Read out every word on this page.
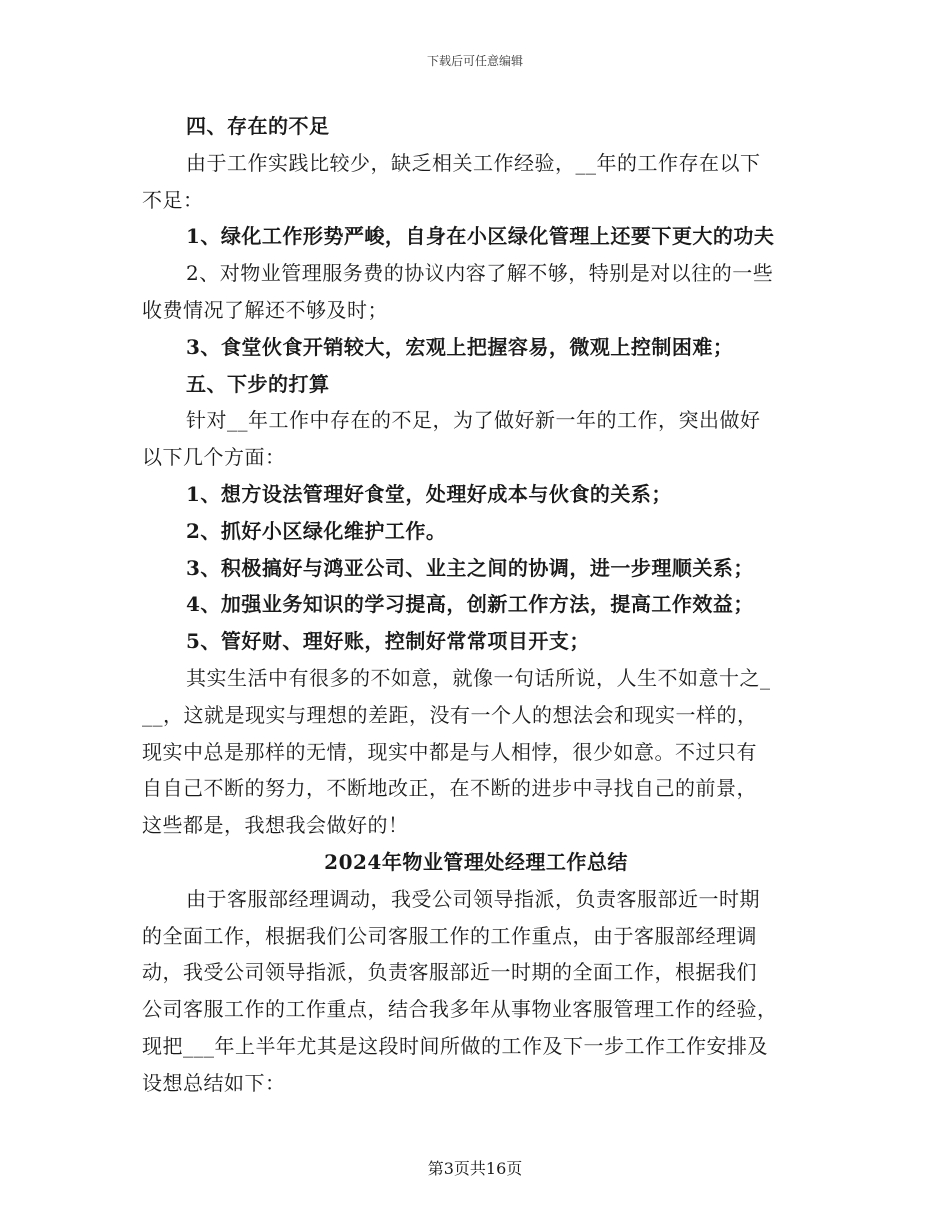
下载后可任意编辑
四、存在的不足
由于工作实践比较少，缺乏相关工作经验，__年的工作存在以下
不足：
1、绿化工作形势严峻，自身在小区绿化管理上还要下更大的功夫
2、对物业管理服务费的协议内容了解不够，特别是对以往的一些
收费情况了解还不够及时；
3、食堂伙食开销较大，宏观上把握容易，微观上控制困难；
五、下步的打算
针对__年工作中存在的不足，为了做好新一年的工作，突出做好
以下几个方面：
1、想方设法管理好食堂，处理好成本与伙食的关系；
2、抓好小区绿化维护工作。
3、积极搞好与鸿亚公司、业主之间的协调，进一步理顺关系；
4、加强业务知识的学习提高，创新工作方法，提高工作效益；
5、管好财、理好账，控制好常常项目开支；
其实生活中有很多的不如意，就像一句话所说，人生不如意十之_
__，这就是现实与理想的差距，没有一个人的想法会和现实一样的，
现实中总是那样的无情，现实中都是与人相悖，很少如意。不过只有
自自己不断的努力，不断地改正，在不断的进步中寻找自己的前景，
这些都是，我想我会做好的！
2024年物业管理处经理工作总结
由于客服部经理调动，我受公司领导指派，负责客服部近一时期
的全面工作，根据我们公司客服工作的工作重点，由于客服部经理调
动，我受公司领导指派，负责客服部近一时期的全面工作，根据我们
公司客服工作的工作重点，结合我多年从事物业客服管理工作的经验，
现把___年上半年尤其是这段时间所做的工作及下一步工作工作安排及
设想总结如下：
第3页共16页
